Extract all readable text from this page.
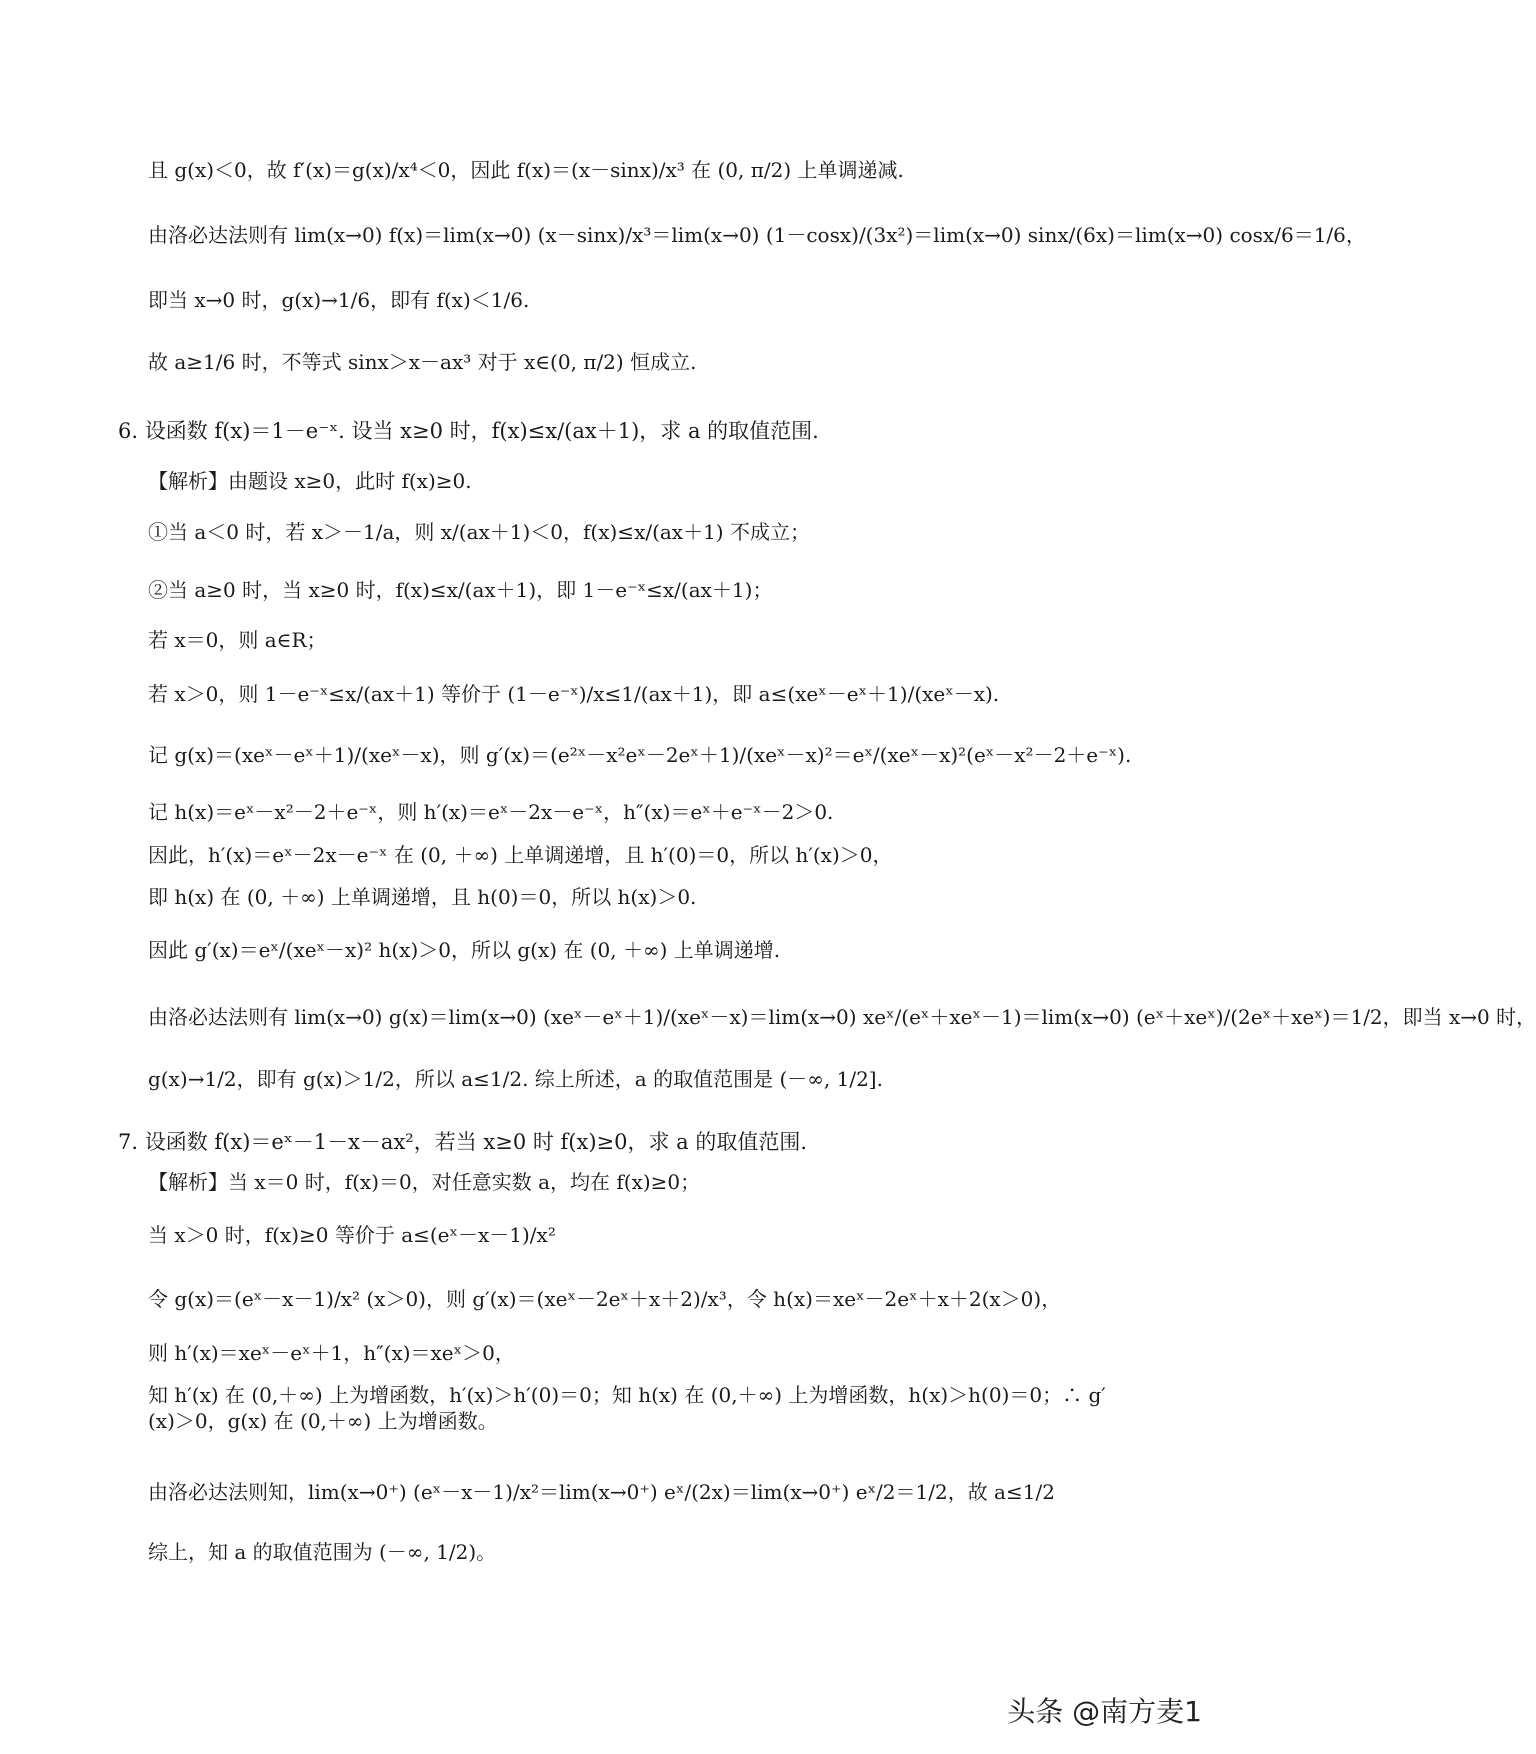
且 g(x)＜0，故 f′(x)＝g(x)/x⁴＜0，因此 f(x)＝(x－sinx)/x³ 在 (0, π/2) 上单调递减.
由洛必达法则有 lim(x→0) f(x)＝lim(x→0) (x－sinx)/x³＝lim(x→0) (1－cosx)/(3x²)＝lim(x→0) sinx/(6x)＝lim(x→0) cosx/6＝1/6，
即当 x→0 时，g(x)→1/6，即有 f(x)＜1/6.
故 a≥1/6 时，不等式 sinx＞x－ax³ 对于 x∈(0, π/2) 恒成立.
6. 设函数 f(x)＝1－e⁻ˣ. 设当 x≥0 时，f(x)≤x/(ax＋1)，求 a 的取值范围.
【解析】由题设 x≥0，此时 f(x)≥0.
①当 a＜0 时，若 x＞－1/a，则 x/(ax＋1)＜0，f(x)≤x/(ax＋1) 不成立；
②当 a≥0 时，当 x≥0 时，f(x)≤x/(ax＋1)，即 1－e⁻ˣ≤x/(ax＋1)；
若 x＝0，则 a∈R；
若 x＞0，则 1－e⁻ˣ≤x/(ax＋1) 等价于 (1－e⁻ˣ)/x≤1/(ax＋1)，即 a≤(xeˣ－eˣ＋1)/(xeˣ－x).
记 g(x)＝(xeˣ－eˣ＋1)/(xeˣ－x)，则 g′(x)＝(e²ˣ－x²eˣ－2eˣ＋1)/(xeˣ－x)²＝eˣ/(xeˣ－x)²(eˣ－x²－2＋e⁻ˣ).
记 h(x)＝eˣ－x²－2＋e⁻ˣ，则 h′(x)＝eˣ－2x－e⁻ˣ，h″(x)＝eˣ＋e⁻ˣ－2＞0.
因此，h′(x)＝eˣ－2x－e⁻ˣ 在 (0, ＋∞) 上单调递增，且 h′(0)＝0，所以 h′(x)＞0，
即 h(x) 在 (0, ＋∞) 上单调递增，且 h(0)＝0，所以 h(x)＞0.
因此 g′(x)＝eˣ/(xeˣ－x)² h(x)＞0，所以 g(x) 在 (0, ＋∞) 上单调递增.
由洛必达法则有 lim(x→0) g(x)＝lim(x→0) (xeˣ－eˣ＋1)/(xeˣ－x)＝lim(x→0) xeˣ/(eˣ＋xeˣ－1)＝lim(x→0) (eˣ＋xeˣ)/(2eˣ＋xeˣ)＝1/2，即当 x→0 时，
g(x)→1/2，即有 g(x)＞1/2，所以 a≤1/2. 综上所述，a 的取值范围是 (－∞, 1/2].
7. 设函数 f(x)＝eˣ－1－x－ax²，若当 x≥0 时 f(x)≥0，求 a 的取值范围.
【解析】当 x＝0 时，f(x)＝0，对任意实数 a，均在 f(x)≥0；
当 x＞0 时，f(x)≥0 等价于 a≤(eˣ－x－1)/x²
令 g(x)＝(eˣ－x－1)/x² (x＞0)，则 g′(x)＝(xeˣ－2eˣ＋x＋2)/x³，令 h(x)＝xeˣ－2eˣ＋x＋2(x＞0)，
则 h′(x)＝xeˣ－eˣ＋1，h″(x)＝xeˣ＞0，
知 h′(x) 在 (0,＋∞) 上为增函数，h′(x)＞h′(0)＝0；知 h(x) 在 (0,＋∞) 上为增函数，h(x)＞h(0)＝0；∴ g′(x)＞0，g(x) 在 (0,＋∞) 上为增函数。
由洛必达法则知，lim(x→0⁺) (eˣ－x－1)/x²＝lim(x→0⁺) eˣ/(2x)＝lim(x→0⁺) eˣ/2＝1/2，故 a≤1/2
综上，知 a 的取值范围为 (－∞, 1/2)。
头条 @南方麦1
